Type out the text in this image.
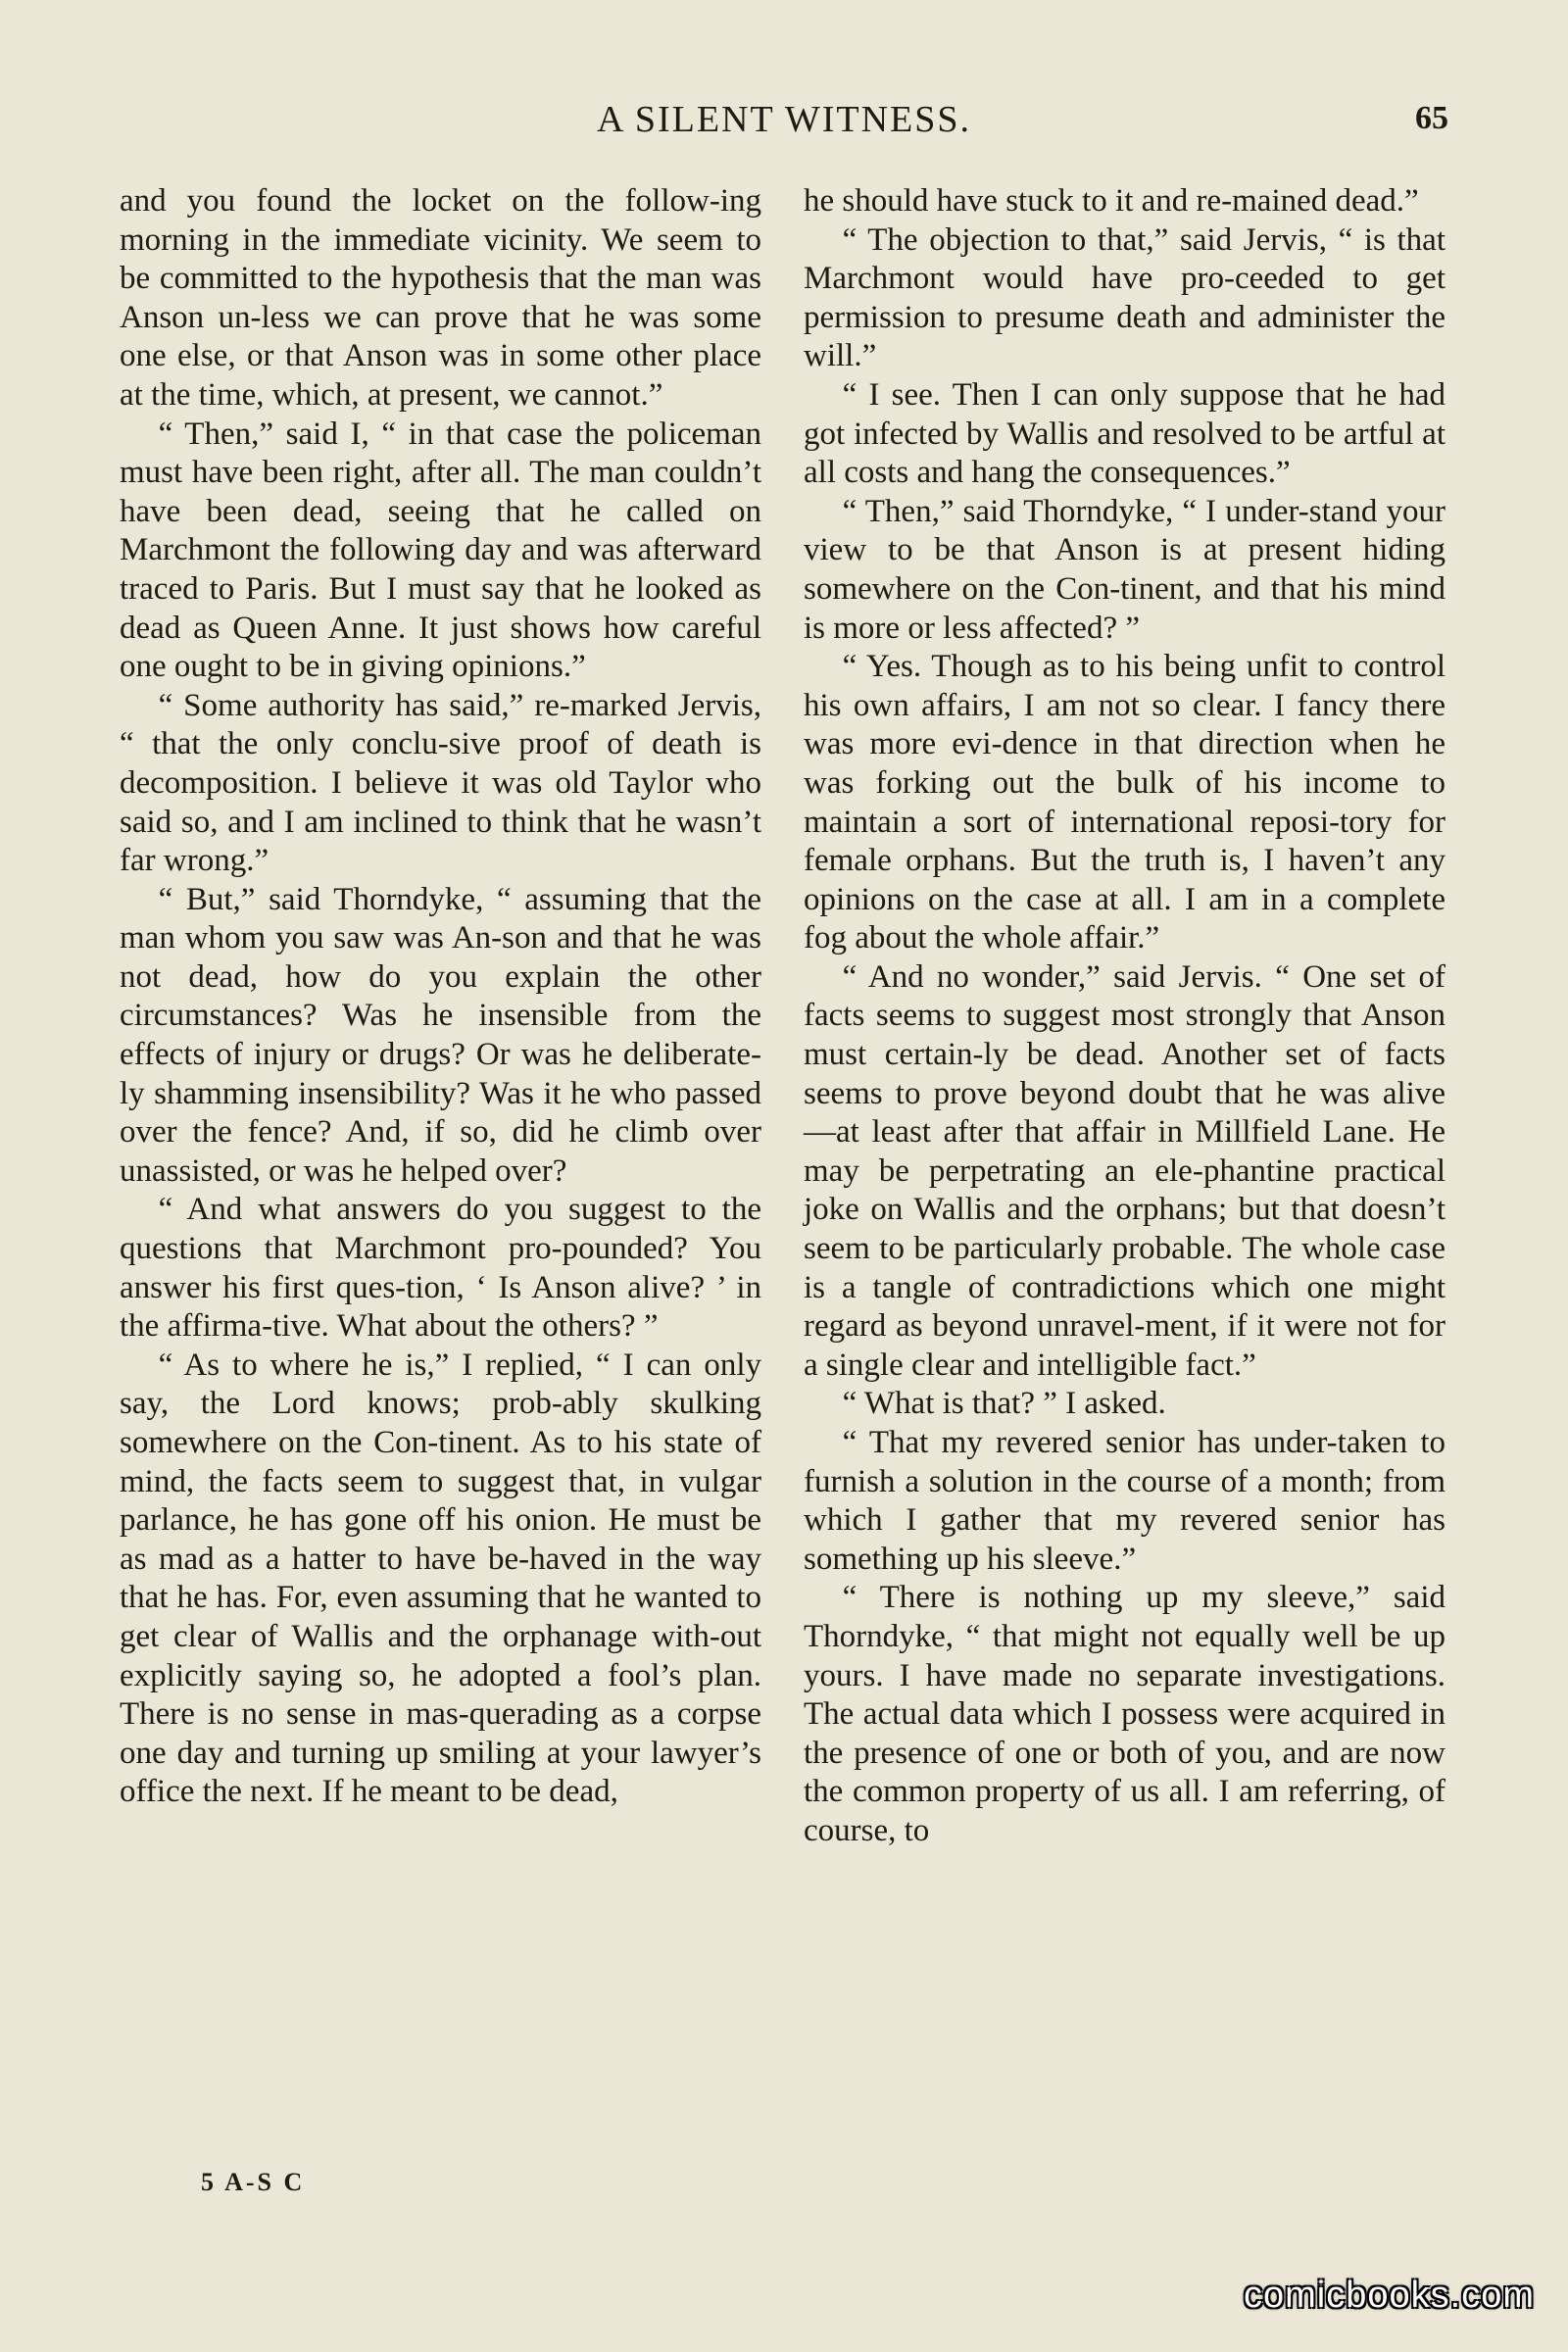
A SILENT WITNESS.	65

and you found the locket on the follow-ing morning in the immediate vicinity. We seem to be committed to the hypothesis that the man was Anson un-less we can prove that he was some one else, or that Anson was in some other place at the time, which, at present, we cannot.”

“ Then,” said I, “ in that case the policeman must have been right, after all. The man couldn’t have been dead, seeing that he called on Marchmont the following day and was afterward traced to Paris. But I must say that he looked as dead as Queen Anne. It just shows how careful one ought to be in giving opinions.”

“ Some authority has said,” re-marked Jervis, “ that the only conclu-sive proof of death is decomposition. I believe it was old Taylor who said so, and I am inclined to think that he wasn’t far wrong.”

“ But,” said Thorndyke, “ assuming that the man whom you saw was An-son and that he was not dead, how do you explain the other circumstances? Was he insensible from the effects of injury or drugs? Or was he deliberate-ly shamming insensibility? Was it he who passed over the fence? And, if so, did he climb over unassisted, or was he helped over?

“ And what answers do you suggest to the questions that Marchmont pro-pounded? You answer his first ques-tion, ‘ Is Anson alive? ’ in the affirma-tive. What about the others? ”

“ As to where he is,” I replied, “ I can only say, the Lord knows; prob-ably skulking somewhere on the Con-tinent. As to his state of mind, the facts seem to suggest that, in vulgar parlance, he has gone off his onion. He must be as mad as a hatter to have be-haved in the way that he has. For, even assuming that he wanted to get clear of Wallis and the orphanage with-out explicitly saying so, he adopted a fool’s plan. There is no sense in mas-querading as a corpse one day and turning up smiling at your lawyer’s office the next. If he meant to be dead,

he should have stuck to it and re-mained dead.”

“ The objection to that,” said Jervis, “ is that Marchmont would have pro-ceeded to get permission to presume death and administer the will.”

“ I see. Then I can only suppose that he had got infected by Wallis and resolved to be artful at all costs and hang the consequences.”

“ Then,” said Thorndyke, “ I under-stand your view to be that Anson is at present hiding somewhere on the Con-tinent, and that his mind is more or less affected? ”

“ Yes. Though as to his being unfit to control his own affairs, I am not so clear. I fancy there was more evi-dence in that direction when he was forking out the bulk of his income to maintain a sort of international reposi-tory for female orphans. But the truth is, I haven’t any opinions on the case at all. I am in a complete fog about the whole affair.”

“ And no wonder,” said Jervis. “ One set of facts seems to suggest most strongly that Anson must certain-ly be dead. Another set of facts seems to prove beyond doubt that he was alive —at least after that affair in Millfield Lane. He may be perpetrating an ele-phantine practical joke on Wallis and the orphans; but that doesn’t seem to be particularly probable. The whole case is a tangle of contradictions which one might regard as beyond unravel-ment, if it were not for a single clear and intelligible fact.”

“ What is that? ” I asked.

“ That my revered senior has under-taken to furnish a solution in the course of a month; from which I gather that my revered senior has something up his sleeve.”

“ There is nothing up my sleeve,” said Thorndyke, “ that might not equally well be up yours. I have made no separate investigations. The actual data which I possess were acquired in the presence of one or both of you, and are now the common property of us all. I am referring, of course, to

5 A-S C
comicbooks.com
